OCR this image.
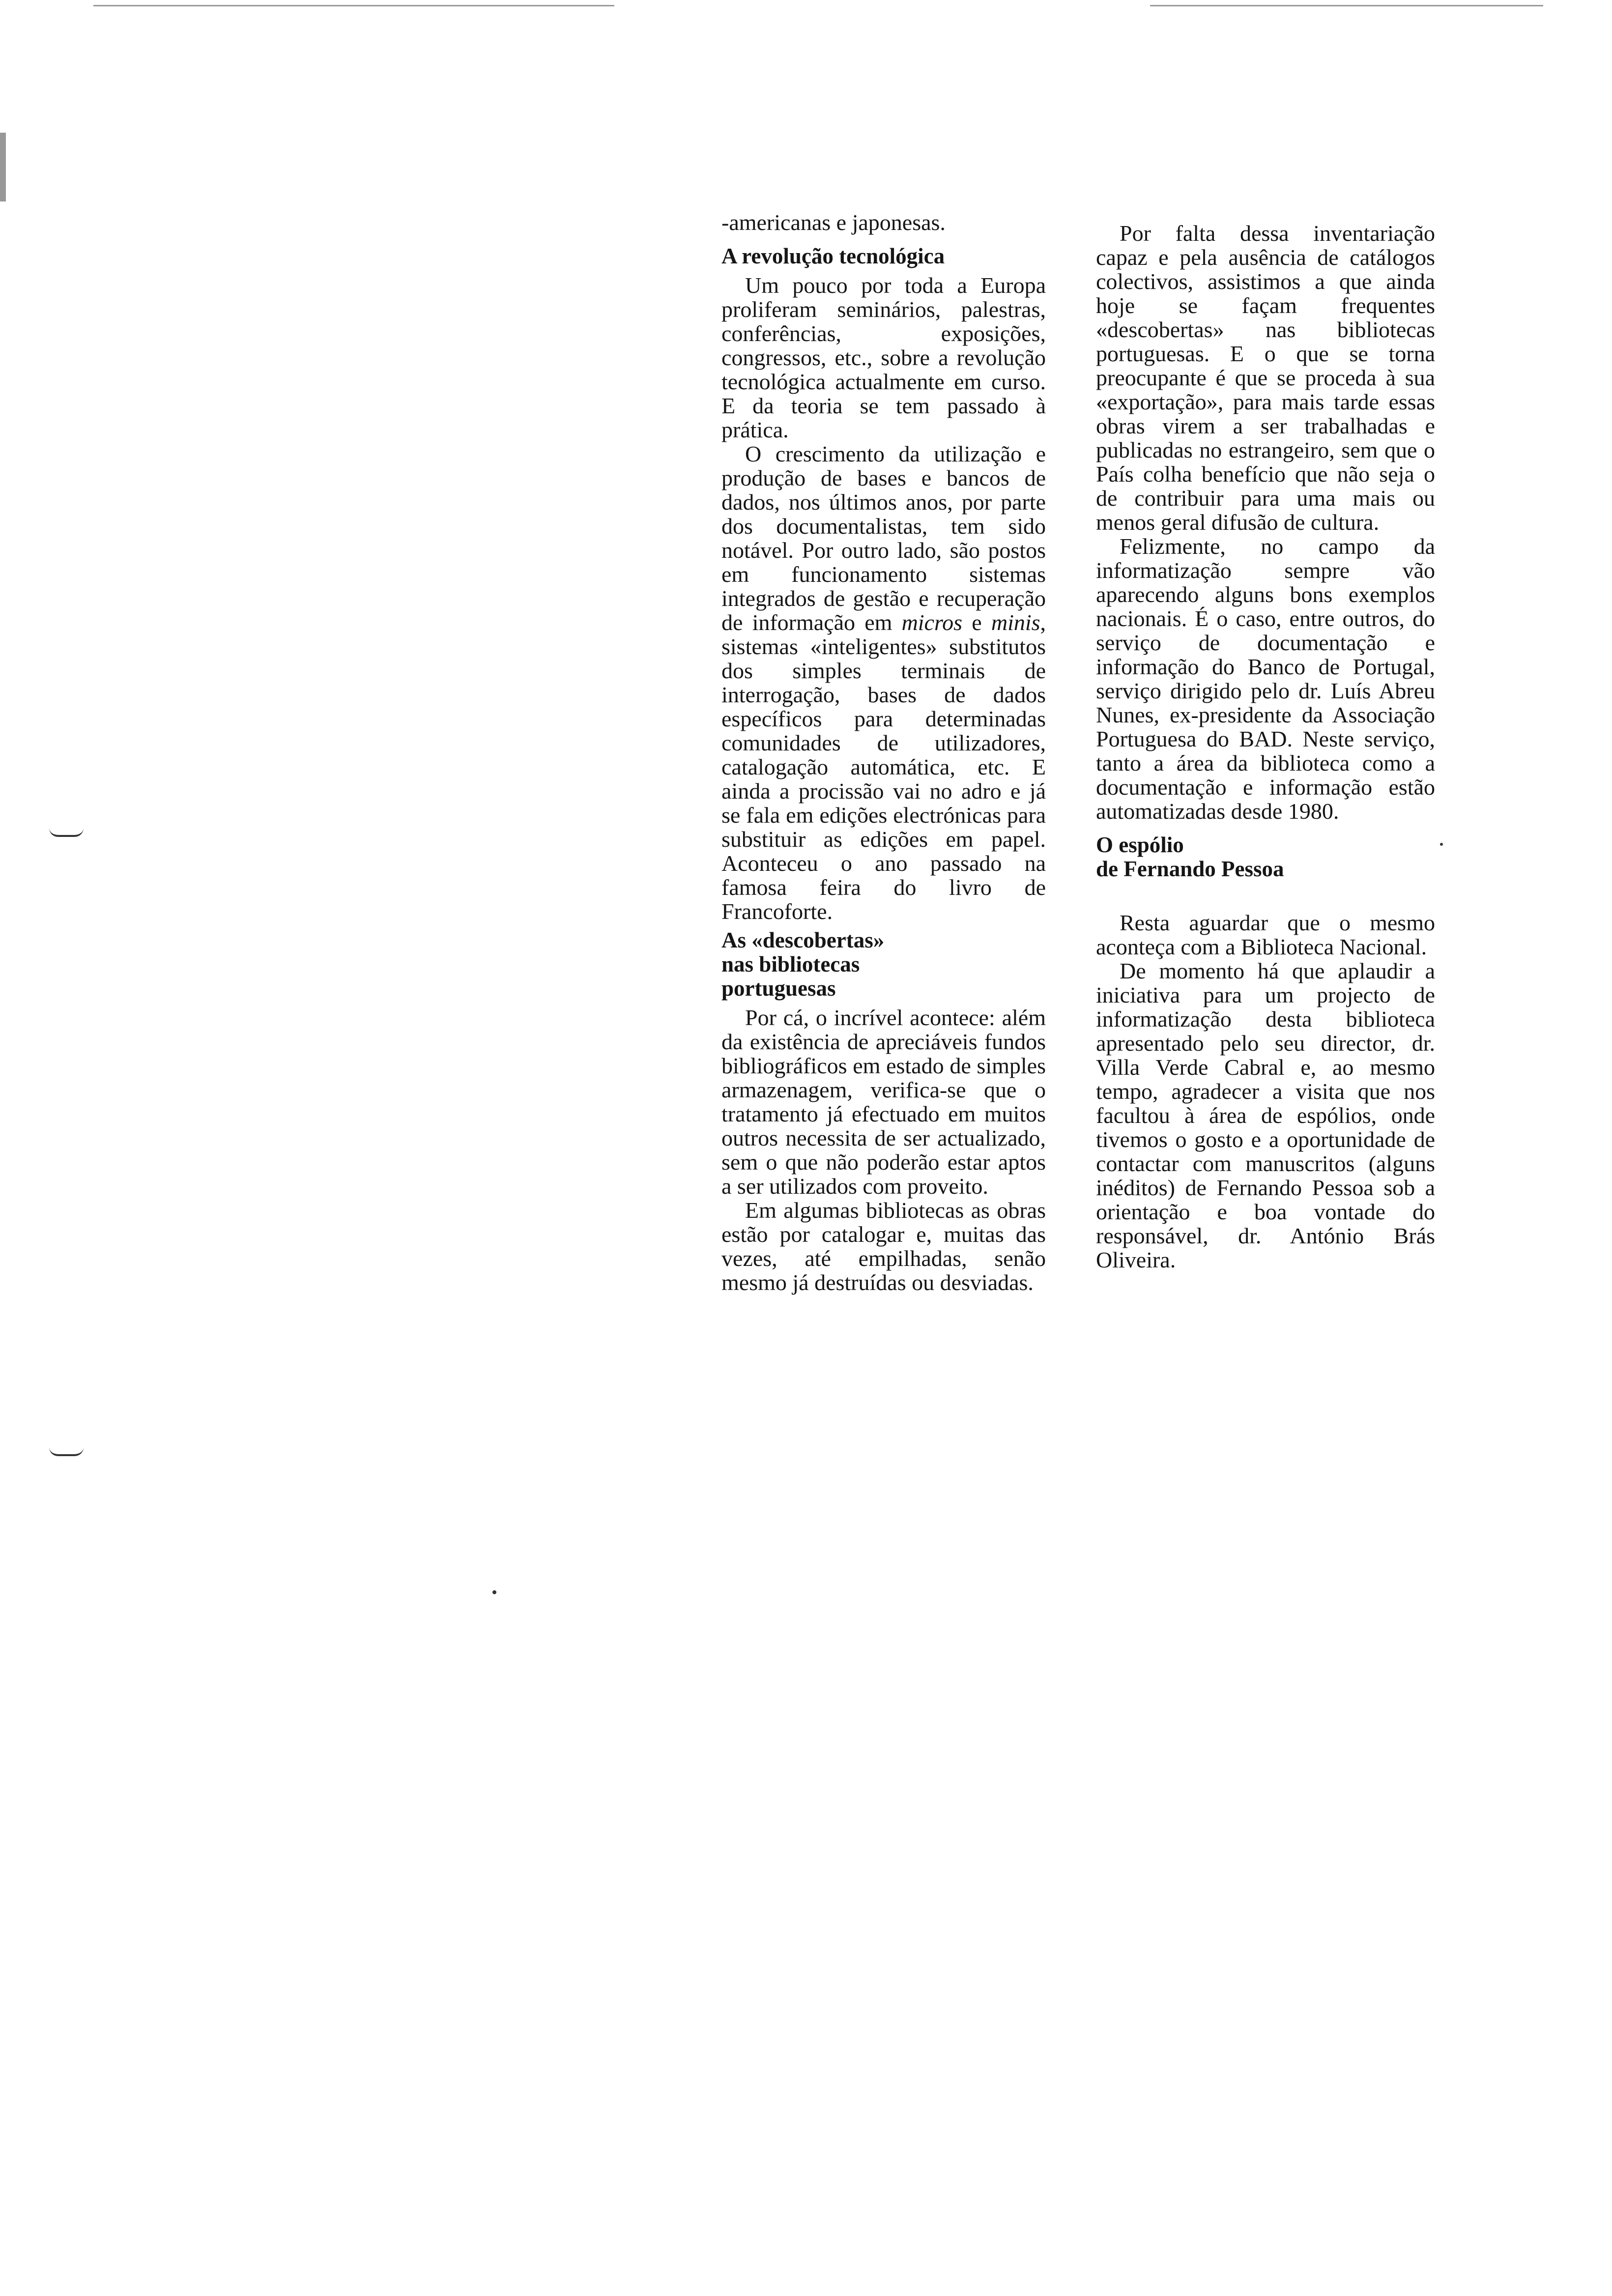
-americanas e japonesas.

A revolução tecnológica

Um pouco por toda a Europa proliferam seminários, palestras, conferências, exposições, congressos, etc., sobre a revolução tecnológica actualmente em curso. E da teoria se tem passado à prática.

O crescimento da utilização e produção de bases e bancos de dados, nos últimos anos, por parte dos documentalistas, tem sido notável. Por outro lado, são postos em funcionamento sistemas integrados de gestão e recuperação de informação em micros e minis, sistemas «inteligentes» substitutos dos simples terminais de interrogação, bases de dados específicos para determinadas comunidades de utilizadores, catalogação automática, etc. E ainda a procissão vai no adro e já se fala em edições electrónicas para substituir as edições em papel. Aconteceu o ano passado na famosa feira do livro de Francoforte.

As «descobertas»
nas bibliotecas
portuguesas

Por cá, o incrível acontece: além da existência de apreciáveis fundos bibliográficos em estado de simples armazenagem, verifica-se que o tratamento já efectuado em muitos outros necessita de ser actualizado, sem o que não poderão estar aptos a ser utilizados com proveito.

Em algumas bibliotecas as obras estão por catalogar e, muitas das vezes, até empilhadas, senão mesmo já destruídas ou desviadas.

Por falta dessa inventariação capaz e pela ausência de catálogos colectivos, assistimos a que ainda hoje se façam frequentes «descobertas» nas bibliotecas portuguesas. E o que se torna preocupante é que se proceda à sua «exportação», para mais tarde essas obras virem a ser trabalhadas e publicadas no estrangeiro, sem que o País colha benefício que não seja o de contribuir para uma mais ou menos geral difusão de cultura.

Felizmente, no campo da informatização sempre vão aparecendo alguns bons exemplos nacionais. É o caso, entre outros, do serviço de documentação e informação do Banco de Portugal, serviço dirigido pelo dr. Luís Abreu Nunes, ex-presidente da Associação Portuguesa do BAD. Neste serviço, tanto a área da biblioteca como a documentação e informação estão automatizadas desde 1980.

O espólio
de Fernando Pessoa

Resta aguardar que o mesmo aconteça com a Biblioteca Nacional.

De momento há que aplaudir a iniciativa para um projecto de informatização desta biblioteca apresentado pelo seu director, dr. Villa Verde Cabral e, ao mesmo tempo, agradecer a visita que nos facultou à área de espólios, onde tivemos o gosto e a oportunidade de contactar com manuscritos (alguns inéditos) de Fernando Pessoa sob a orientação e boa vontade do responsável, dr. António Brás Oliveira.
